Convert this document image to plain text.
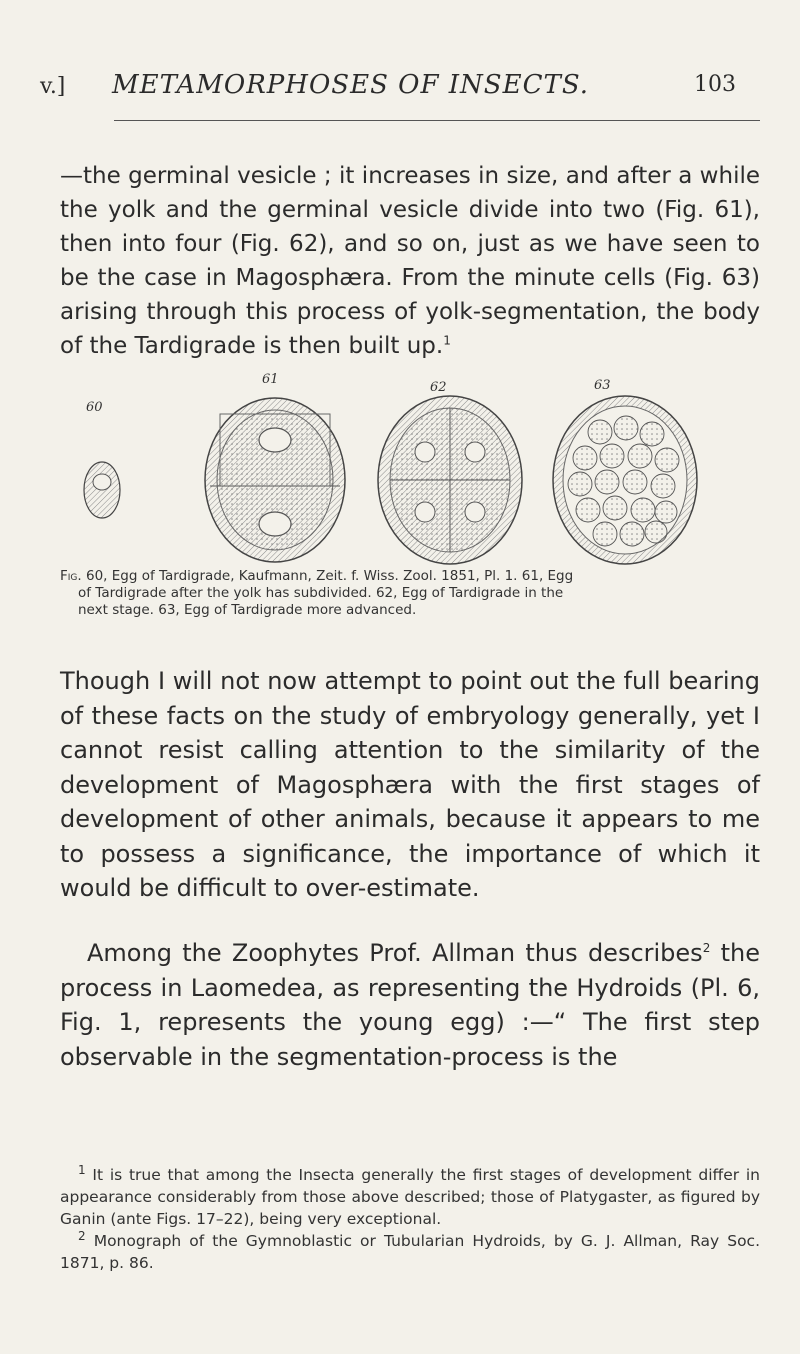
v.] METAMORPHOSES OF INSECTS.	103

—the germinal vesicle ; it increases in size, and after a while the yolk and the germinal vesicle divide into two (Fig. 61), then into four (Fig. 62), and so on, just as we have seen to be the case in Magosphæra. From the minute cells (Fig. 63) arising through this process of yolk-segmentation, the body of the Tardigrade is then built up.$^1$

60
61
62	63
Fig. 60, Egg of Tardigrade, Kaufmann, Zeit. f. Wiss. Zool. 1851, Pl. 1. 61, Egg
of Tardigrade after the yolk has subdivided. 62, Egg of Tardigrade in the
next stage. 63, Egg of Tardigrade more advanced.

Though I will not now attempt to point out the full bearing of these facts on the study of embryology generally, yet I cannot resist calling attention to the similarity of the development of Magosphæra with the first stages of development of other animals, because it appears to me to possess a significance, the importance of which it would be difficult to over-estimate.

Among the Zoophytes Prof. Allman thus describes$^2$ the process in Laomedea, as representing the Hydroids (Pl. 6, Fig. 1, represents the young egg) :—“ The first step observable in the segmentation-process is the

$^1$ It is true that among the Insecta generally the first stages of development differ in appearance considerably from those above described; those of Platygaster, as figured by Ganin (ante Figs. 17–22), being very exceptional.

$^2$ Monograph of the Gymnoblastic or Tubularian Hydroids, by G. J. Allman, Ray Soc. 1871, p. 86.
